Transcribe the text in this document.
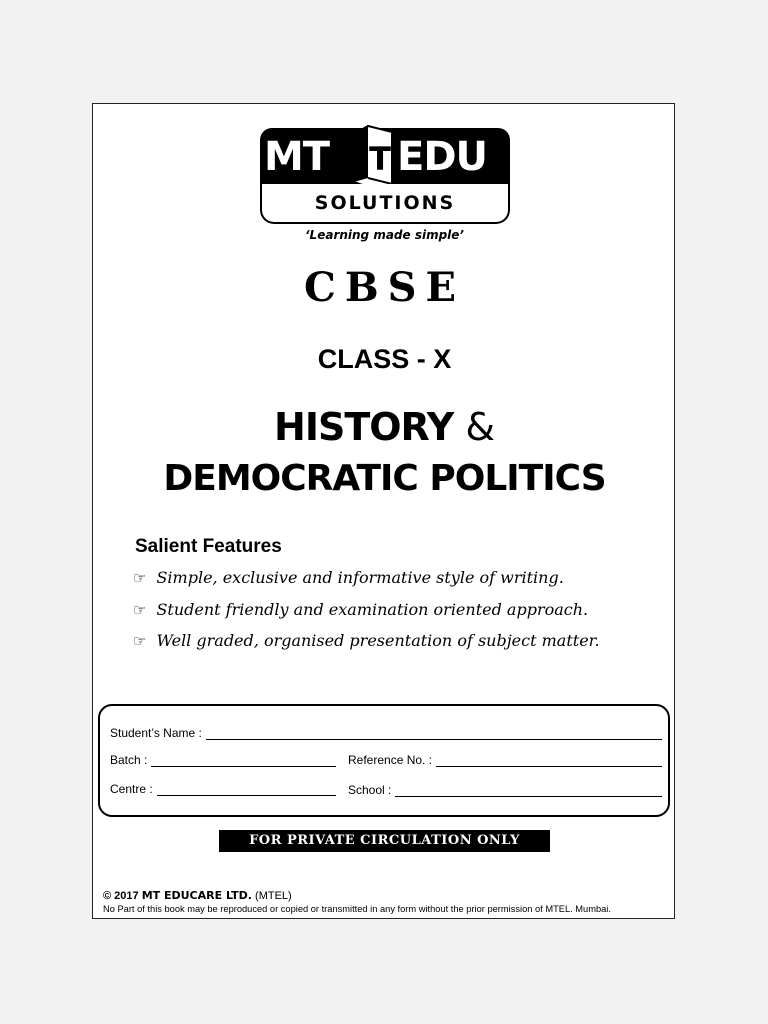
MT T EDU
SOLUTIONS
‘Learning made simple’
CBSE
CLASS - X
HISTORY &
DEMOCRATIC POLITICS
Salient Features
☞ Simple, exclusive and informative style of writing.
☞ Student friendly and examination oriented approach.
☞ Well graded, organised presentation of subject matter.
Student’s Name :
Batch :	Reference No. :
Centre :	School :
FOR PRIVATE CIRCULATION ONLY
© 2017 MT EDUCARE LTD. (MTEL)
No Part of this book may be reproduced or copied or transmitted in any form without the prior permission of MTEL. Mumbai.
